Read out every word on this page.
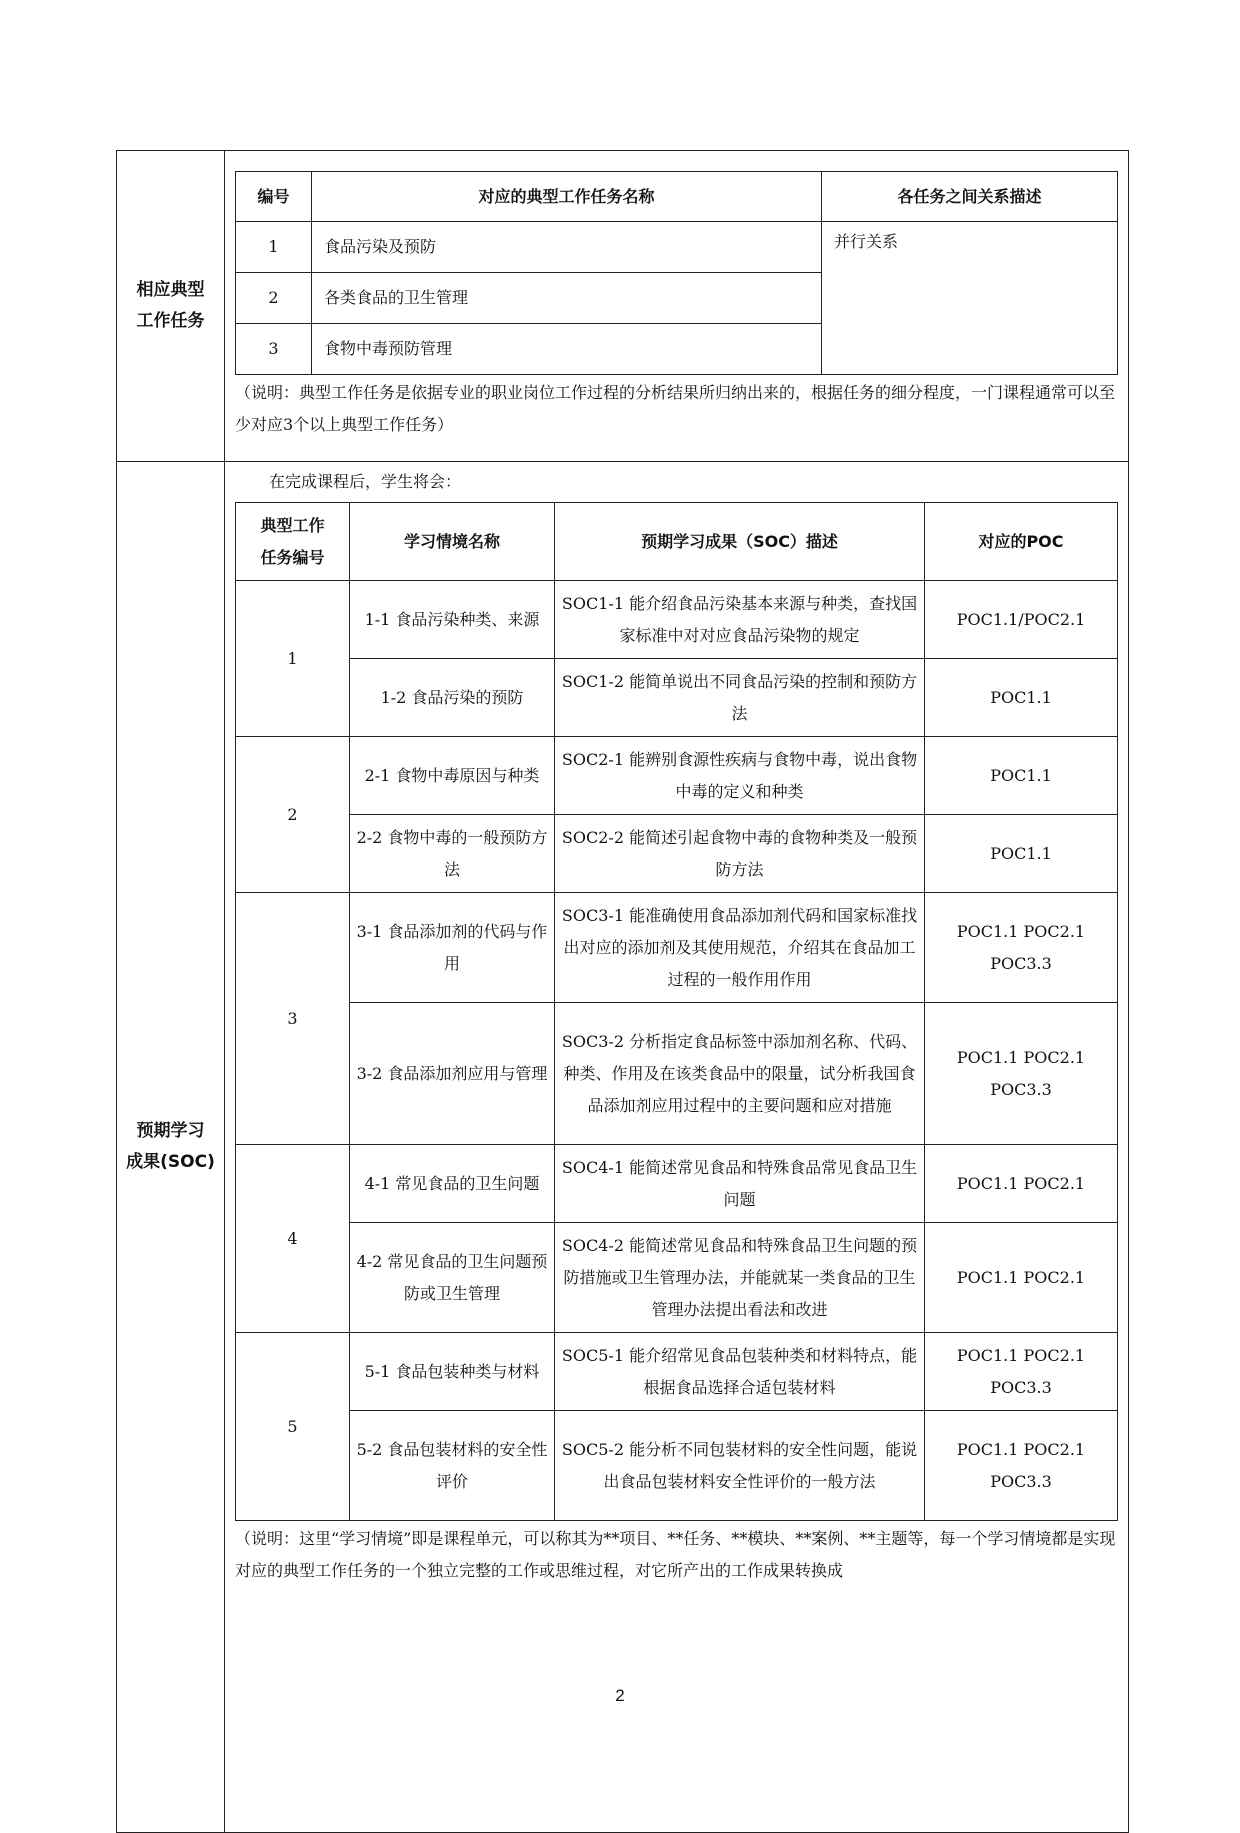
相应典型
工作任务	
编号	对应的典型工作任务名称	各任务之间关系描述
1	食品污染及预防	并行关系
2	各类食品的卫生管理
3	食物中毒预防管理
（说明：典型工作任务是依据专业的职业岗位工作过程的分析结果所归纳出来的，根据任务的细分程度，一门课程通常可以至少对应3个以上典型工作任务）

预期学习
成果(SOC)	
在完成课程后，学生将会：
典型工作
任务编号	学习情境名称	预期学习成果（SOC）描述	对应的POC
1	1-1 食品污染种类、来源	SOC1-1 能介绍食品污染基本来源与种类，查找国家标准中对对应食品污染物的规定	POC1.1/POC2.1
1-2 食品污染的预防	SOC1-2 能简单说出不同食品污染的控制和预防方法	POC1.1
2	2-1 食物中毒原因与种类	SOC2-1 能辨别食源性疾病与食物中毒，说出食物中毒的定义和种类	POC1.1
2-2 食物中毒的一般预防方法	SOC2-2 能简述引起食物中毒的食物种类及一般预防方法	POC1.1
3	3-1 食品添加剂的代码与作用	SOC3-1 能准确使用食品添加剂代码和国家标准找出对应的添加剂及其使用规范，介绍其在食品加工过程的一般作用作用	POC1.1 POC2.1
POC3.3
3-2 食品添加剂应用与管理	SOC3-2 分析指定食品标签中添加剂名称、代码、种类、作用及在该类食品中的限量，试分析我国食品添加剂应用过程中的主要问题和应对措施	POC1.1 POC2.1
POC3.3
4	4-1 常见食品的卫生问题	SOC4-1 能简述常见食品和特殊食品常见食品卫生问题	POC1.1 POC2.1
4-2 常见食品的卫生问题预防或卫生管理	SOC4-2 能简述常见食品和特殊食品卫生问题的预防措施或卫生管理办法，并能就某一类食品的卫生管理办法提出看法和改进	POC1.1 POC2.1
5	5-1 食品包装种类与材料	SOC5-1 能介绍常见食品包装种类和材料特点，能根据食品选择合适包装材料	POC1.1 POC2.1
POC3.3
5-2 食品包装材料的安全性评价	SOC5-2 能分析不同包装材料的安全性问题，能说出食品包装材料安全性评价的一般方法	POC1.1 POC2.1
POC3.3
（说明：这里“学习情境”即是课程单元，可以称其为**项目、**任务、**模块、**案例、**主题等，每一个学习情境都是实现对应的典型工作任务的一个独立完整的工作或思维过程，对它所产出的工作成果转换成
2
